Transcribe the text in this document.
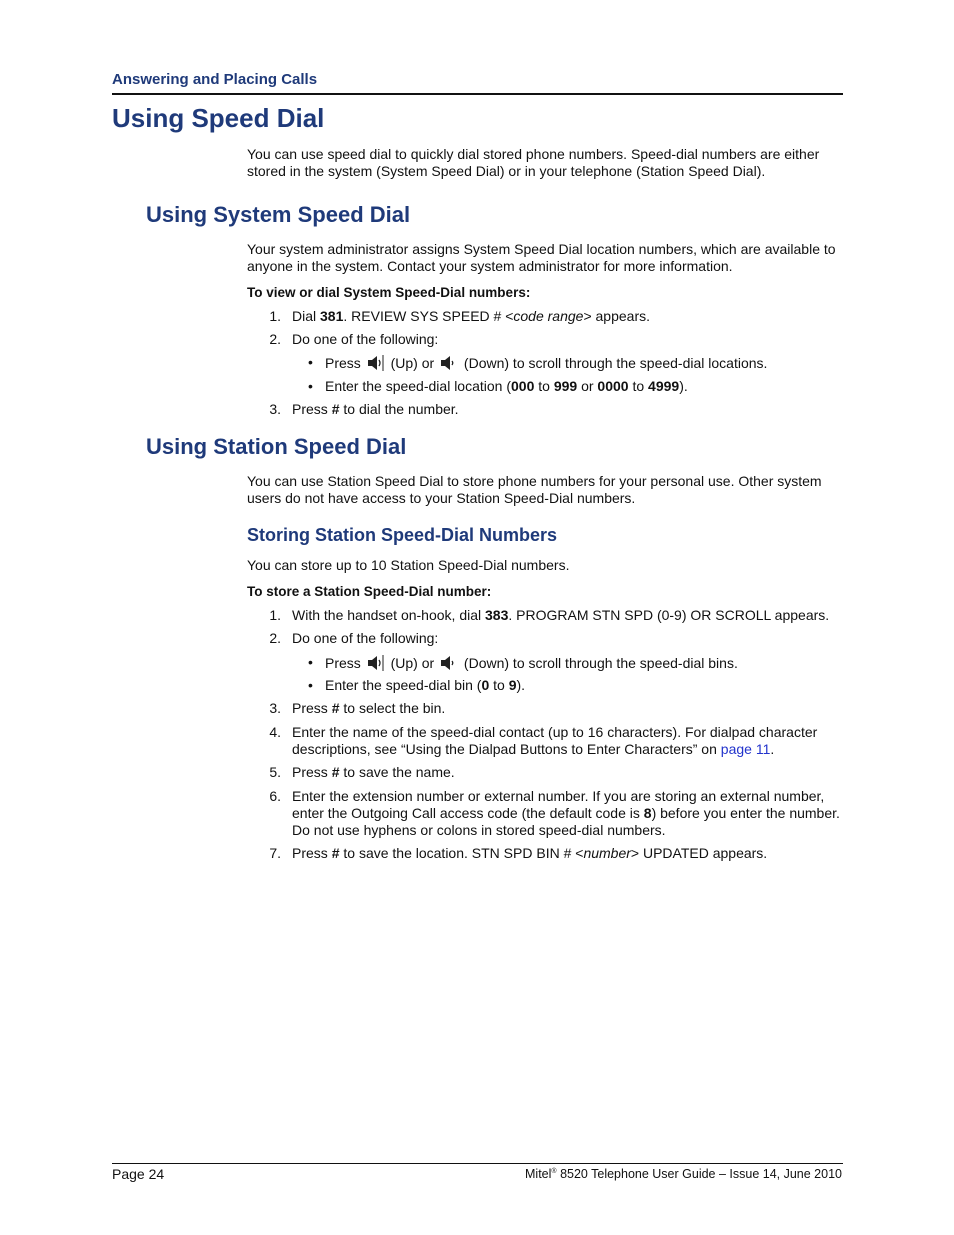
Answering and Placing Calls
Using Speed Dial
You can use speed dial to quickly dial stored phone numbers. Speed-dial numbers are either stored in the system (System Speed Dial) or in your telephone (Station Speed Dial).
Using System Speed Dial
Your system administrator assigns System Speed Dial location numbers, which are available to anyone in the system. Contact your system administrator for more information.
To view or dial System Speed-Dial numbers:
1. Dial 381. REVIEW SYS SPEED # <code range> appears.
2. Do one of the following:
• Press (Up) or (Down) to scroll through the speed-dial locations.
• Enter the speed-dial location (000 to 999 or 0000 to 4999).
3. Press # to dial the number.
Using Station Speed Dial
You can use Station Speed Dial to store phone numbers for your personal use. Other system users do not have access to your Station Speed-Dial numbers.
Storing Station Speed-Dial Numbers
You can store up to 10 Station Speed-Dial numbers.
To store a Station Speed-Dial number:
1. With the handset on-hook, dial 383. PROGRAM STN SPD (0-9) OR SCROLL appears.
2. Do one of the following:
• Press (Up) or (Down) to scroll through the speed-dial bins.
• Enter the speed-dial bin (0 to 9).
3. Press # to select the bin.
4. Enter the name of the speed-dial contact (up to 16 characters). For dialpad character descriptions, see “Using the Dialpad Buttons to Enter Characters” on page 11.
5. Press # to save the name.
6. Enter the extension number or external number. If you are storing an external number, enter the Outgoing Call access code (the default code is 8) before you enter the number. Do not use hyphens or colons in stored speed-dial numbers.
7. Press # to save the location. STN SPD BIN # <number> UPDATED appears.
Page 24	Mitel® 8520 Telephone User Guide – Issue 14, June 2010
